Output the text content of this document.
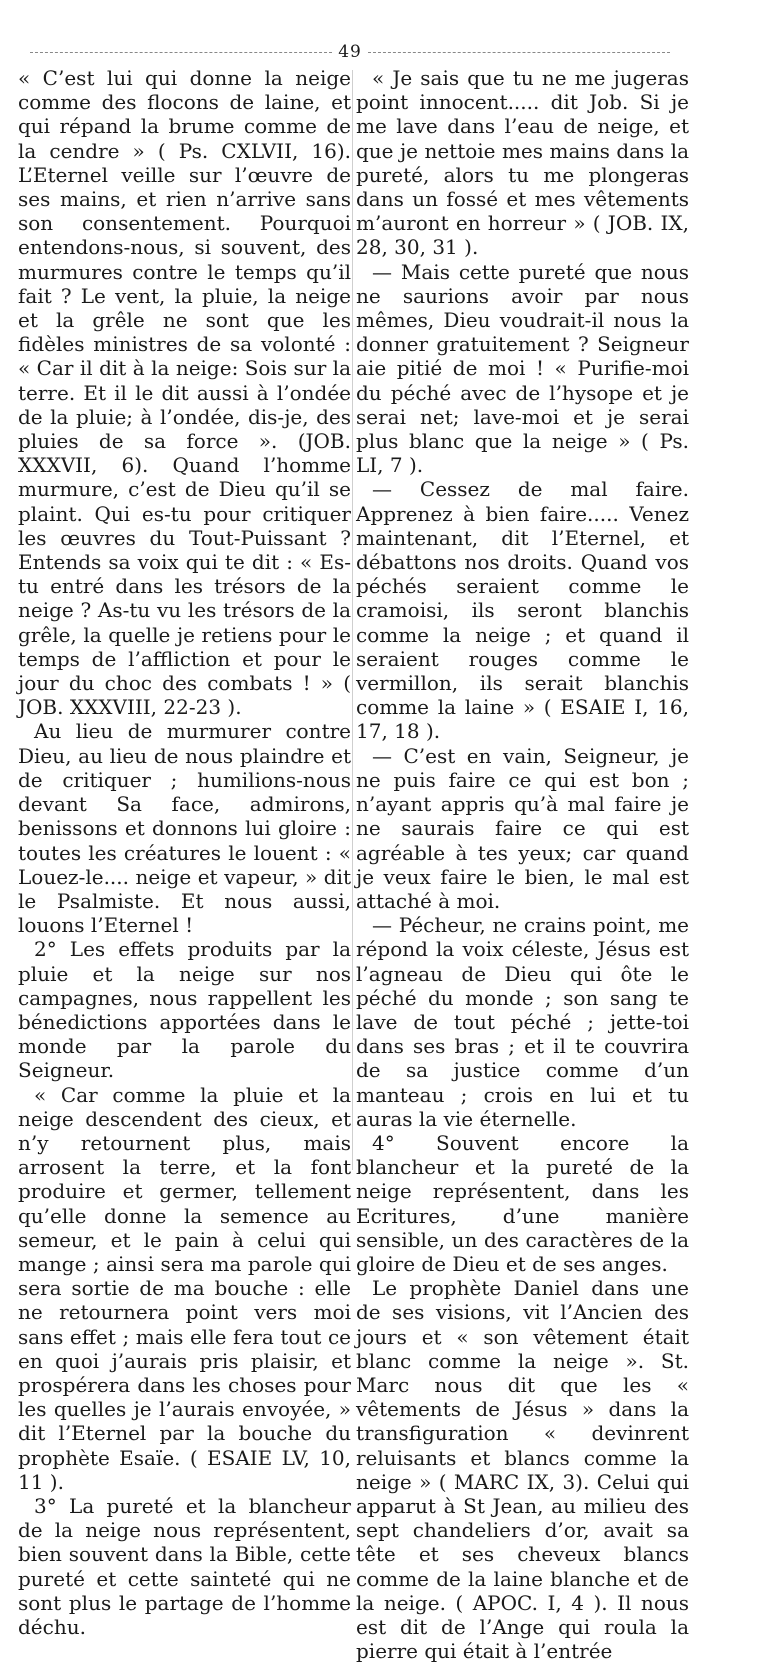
49

« C’est lui qui donne la neige comme des flocons de laine, et qui répand la brume comme de la cendre » ( Ps. CXLVII, 16). L’Eternel veille sur l’œuvre de ses mains, et rien n’arrive sans son consentement. Pourquoi entendons-nous, si souvent, des murmures contre le temps qu’il fait ? Le vent, la pluie, la neige et la grêle ne sont que les fidèles ministres de sa volonté : « Car il dit à la neige: Sois sur la terre. Et il le dit aussi à l’ondée de la pluie; à l’ondée, dis-je, des pluies de sa force ». (JOB. XXXVII, 6). Quand l’homme murmure, c’est de Dieu qu’il se plaint. Qui es-tu pour critiquer les œuvres du Tout-Puissant ? Entends sa voix qui te dit : « Es-tu entré dans les trésors de la neige ? As-tu vu les trésors de la grêle, la quelle je retiens pour le temps de l’affliction et pour le jour du choc des combats ! » ( JOB. XXXVIII, 22-23 ).

Au lieu de murmurer contre Dieu, au lieu de nous plaindre et de critiquer ; humilions-nous devant Sa face, admirons, benissons et donnons lui gloire : toutes les créatures le louent : « Louez-le.... neige et vapeur, » dit le Psalmiste. Et nous aussi, louons l’Eternel !

2° Les effets produits par la pluie et la neige sur nos campagnes, nous rappellent les bénedictions apportées dans le monde par la parole du Seigneur.

« Car comme la pluie et la neige descendent des cieux, et n’y retournent plus, mais arrosent la terre, et la font produire et germer, tellement qu’elle donne la semence au semeur, et le pain à celui qui mange ; ainsi sera ma parole qui sera sortie de ma bouche : elle ne retournera point vers moi sans effet ; mais elle fera tout ce en quoi j’aurais pris plaisir, et prospérera dans les choses pour les quelles je l’aurais envoyée, » dit l’Eternel par la bouche du prophète Esaïe. ( ESAIE LV, 10, 11 ).

3° La pureté et la blancheur de la neige nous représentent, bien souvent dans la Bible, cette pureté et cette sainteté qui ne sont plus le partage de l’homme déchu.

« Je sais que tu ne me jugeras point innocent..... dit Job. Si je me lave dans l’eau de neige, et que je nettoie mes mains dans la pureté, alors tu me plongeras dans un fossé et mes vêtements m’auront en horreur » ( JOB. IX, 28, 30, 31 ).

— Mais cette pureté que nous ne saurions avoir par nous mêmes, Dieu voudrait-il nous la donner gratuitement ? Seigneur aie pitié de moi ! « Purifie-moi du péché avec de l’hysope et je serai net; lave-moi et je serai plus blanc que la neige » ( Ps. LI, 7 ).

— Cessez de mal faire. Apprenez à bien faire..... Venez maintenant, dit l’Eternel, et débattons nos droits. Quand vos péchés seraient comme le cramoisi, ils seront blanchis comme la neige ; et quand il seraient rouges comme le vermillon, ils serait blanchis comme la laine » ( ESAIE I, 16, 17, 18 ).

— C’est en vain, Seigneur, je ne puis faire ce qui est bon ; n’ayant appris qu’à mal faire je ne saurais faire ce qui est agréable à tes yeux; car quand je veux faire le bien, le mal est attaché à moi.

— Pécheur, ne crains point, me répond la voix céleste, Jésus est l’agneau de Dieu qui ôte le péché du monde ; son sang te lave de tout péché ; jette-toi dans ses bras ; et il te couvrira de sa justice comme d’un manteau ; crois en lui et tu auras la vie éternelle.

4° Souvent encore la blancheur et la pureté de la neige représentent, dans les Ecritures, d’une manière sensible, un des caractères de la gloire de Dieu et de ses anges.

Le prophète Daniel dans une de ses visions, vit l’Ancien des jours et « son vêtement était blanc comme la neige ». St. Marc nous dit que les « vêtements de Jésus » dans la transfiguration « devinrent reluisants et blancs comme la neige » ( MARC IX, 3). Celui qui apparut à St Jean, au milieu des sept chandeliers d’or, avait sa tête et ses cheveux blancs comme de la laine blanche et de la neige. ( APOC. I, 4 ). Il nous est dit de l’Ange qui roula la pierre qui était à l’entrée
